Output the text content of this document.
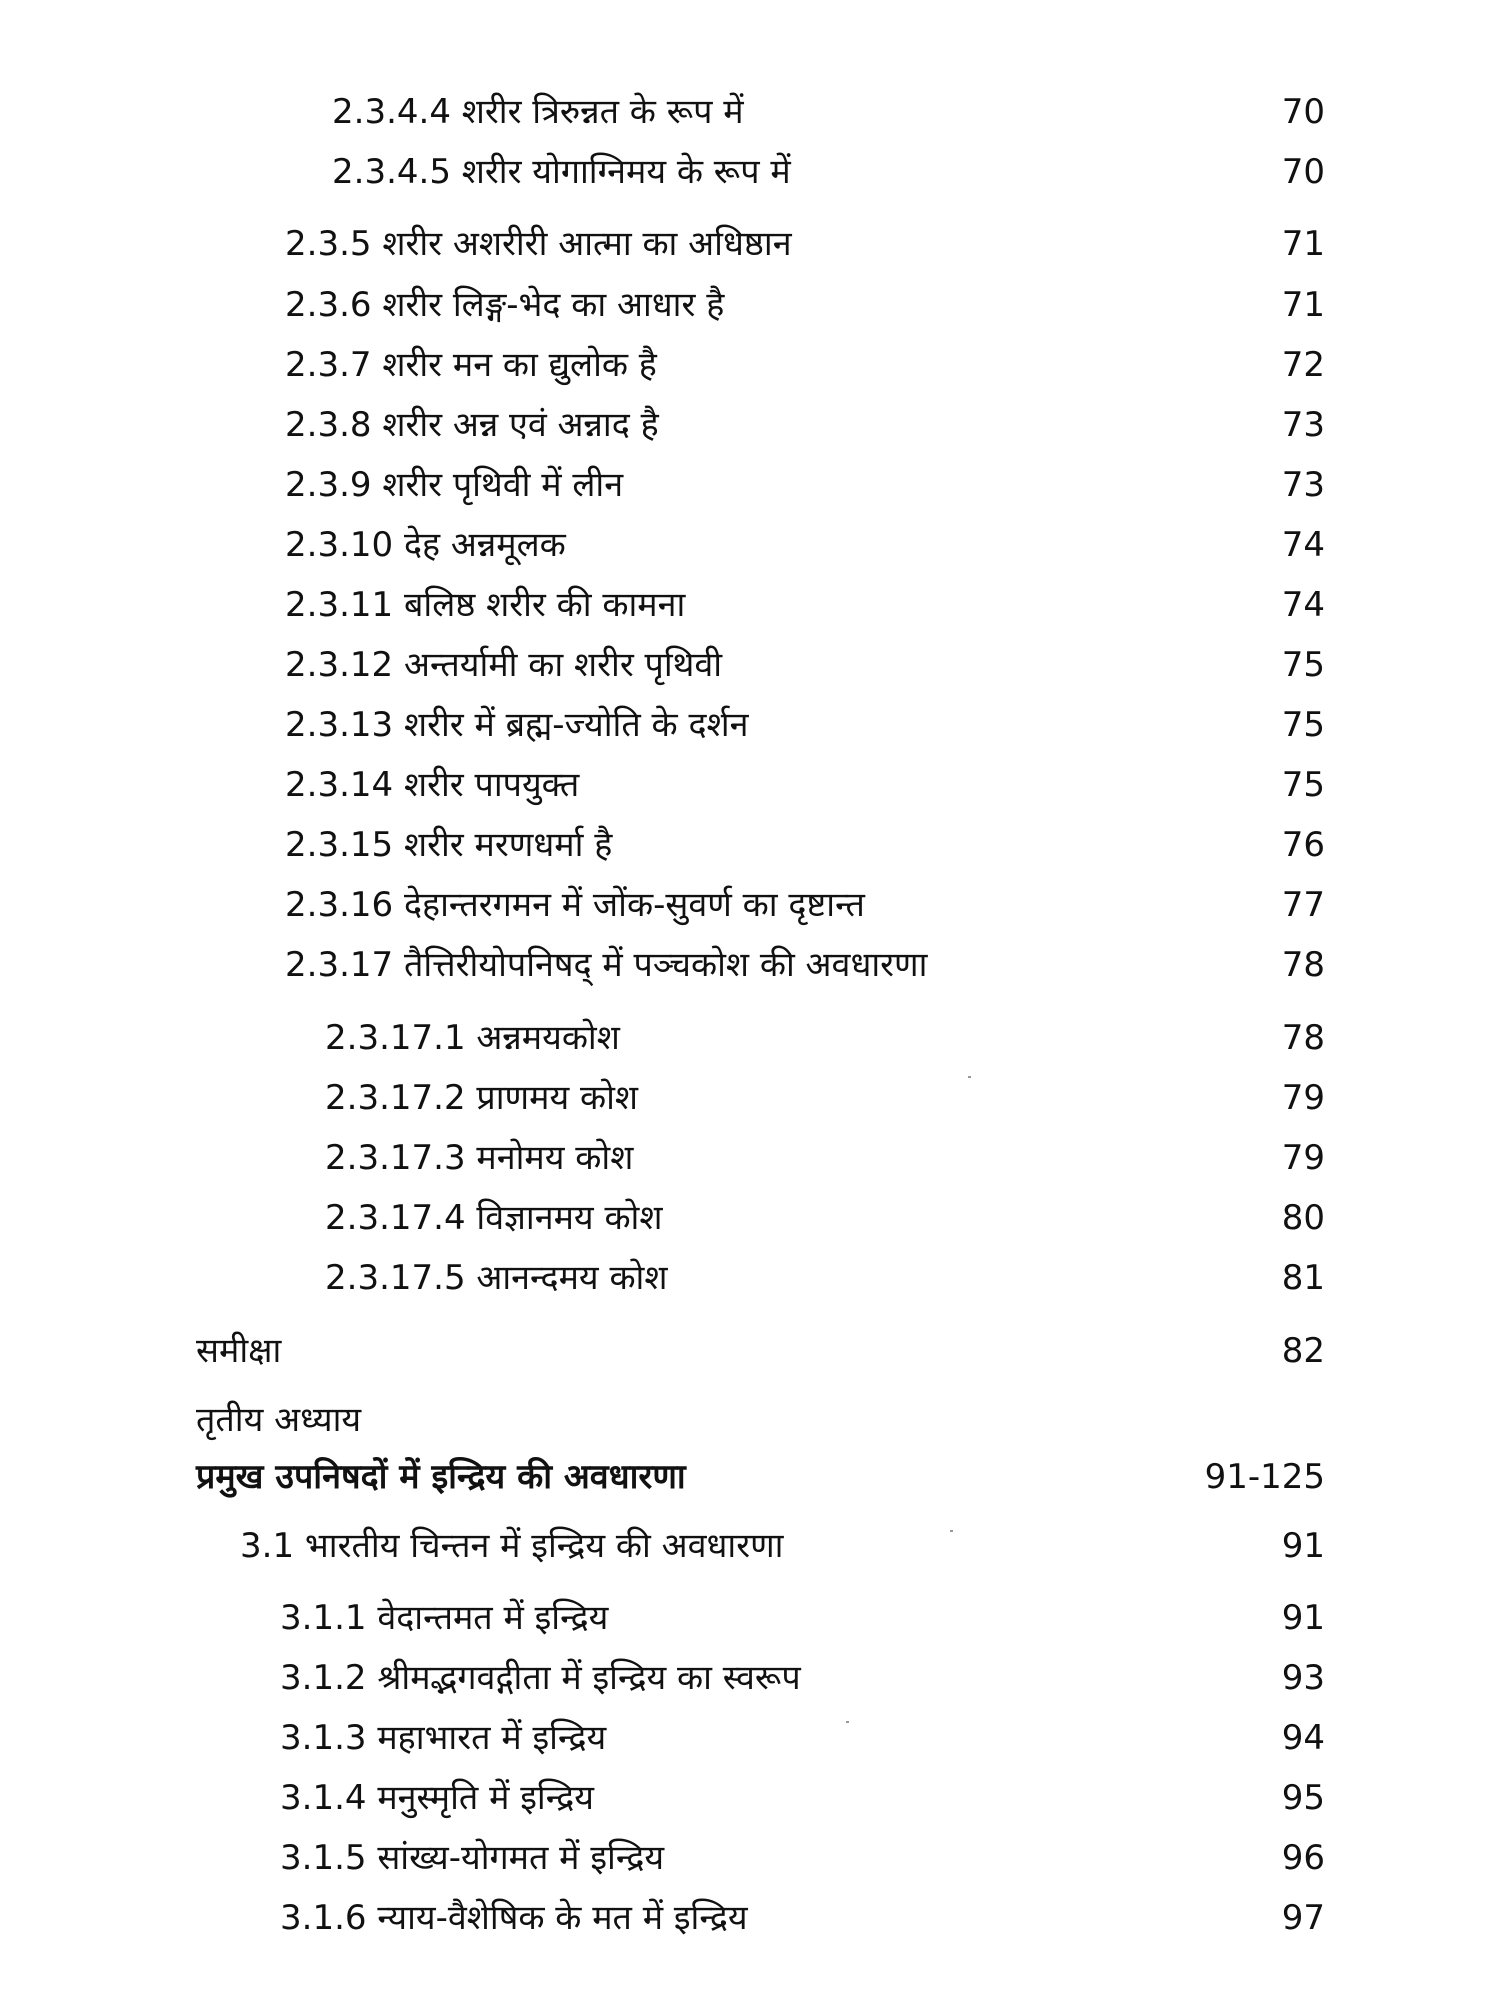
2.3.4.4 शरीर त्रिरुन्नत के रूप में	70
2.3.4.5 शरीर योगाग्निमय के रूप में	70
2.3.5 शरीर अशरीरी आत्मा का अधिष्ठान	71
2.3.6 शरीर लिङ्ग-भेद का आधार है	71
2.3.7 शरीर मन का द्युलोक है	72
2.3.8 शरीर अन्न एवं अन्नाद है	73
2.3.9 शरीर पृथिवी में लीन	73
2.3.10 देह अन्नमूलक	74
2.3.11 बलिष्ठ शरीर की कामना	74
2.3.12 अन्तर्यामी का शरीर पृथिवी	75
2.3.13 शरीर में ब्रह्म-ज्योति के दर्शन	75
2.3.14 शरीर पापयुक्त	75
2.3.15 शरीर मरणधर्मा है	76
2.3.16 देहान्तरगमन में जोंक-सुवर्ण का दृष्टान्त	77
2.3.17 तैत्तिरीयोपनिषद् में पञ्चकोश की अवधारणा	78
2.3.17.1 अन्नमयकोश	78
2.3.17.2 प्राणमय कोश	79
2.3.17.3 मनोमय कोश	79
2.3.17.4 विज्ञानमय कोश	80
2.3.17.5 आनन्दमय कोश	81
समीक्षा	82
तृतीय अध्याय
प्रमुख उपनिषदों में इन्द्रिय की अवधारणा	91-125
3.1 भारतीय चिन्तन में इन्द्रिय की अवधारणा	91
3.1.1 वेदान्तमत में इन्द्रिय	91
3.1.2 श्रीमद्भगवद्गीता में इन्द्रिय का स्वरूप	93
3.1.3 महाभारत में इन्द्रिय	94
3.1.4 मनुस्मृति में इन्द्रिय	95
3.1.5 सांख्य-योगमत में इन्द्रिय	96
3.1.6 न्याय-वैशेषिक के मत में इन्द्रिय	97
